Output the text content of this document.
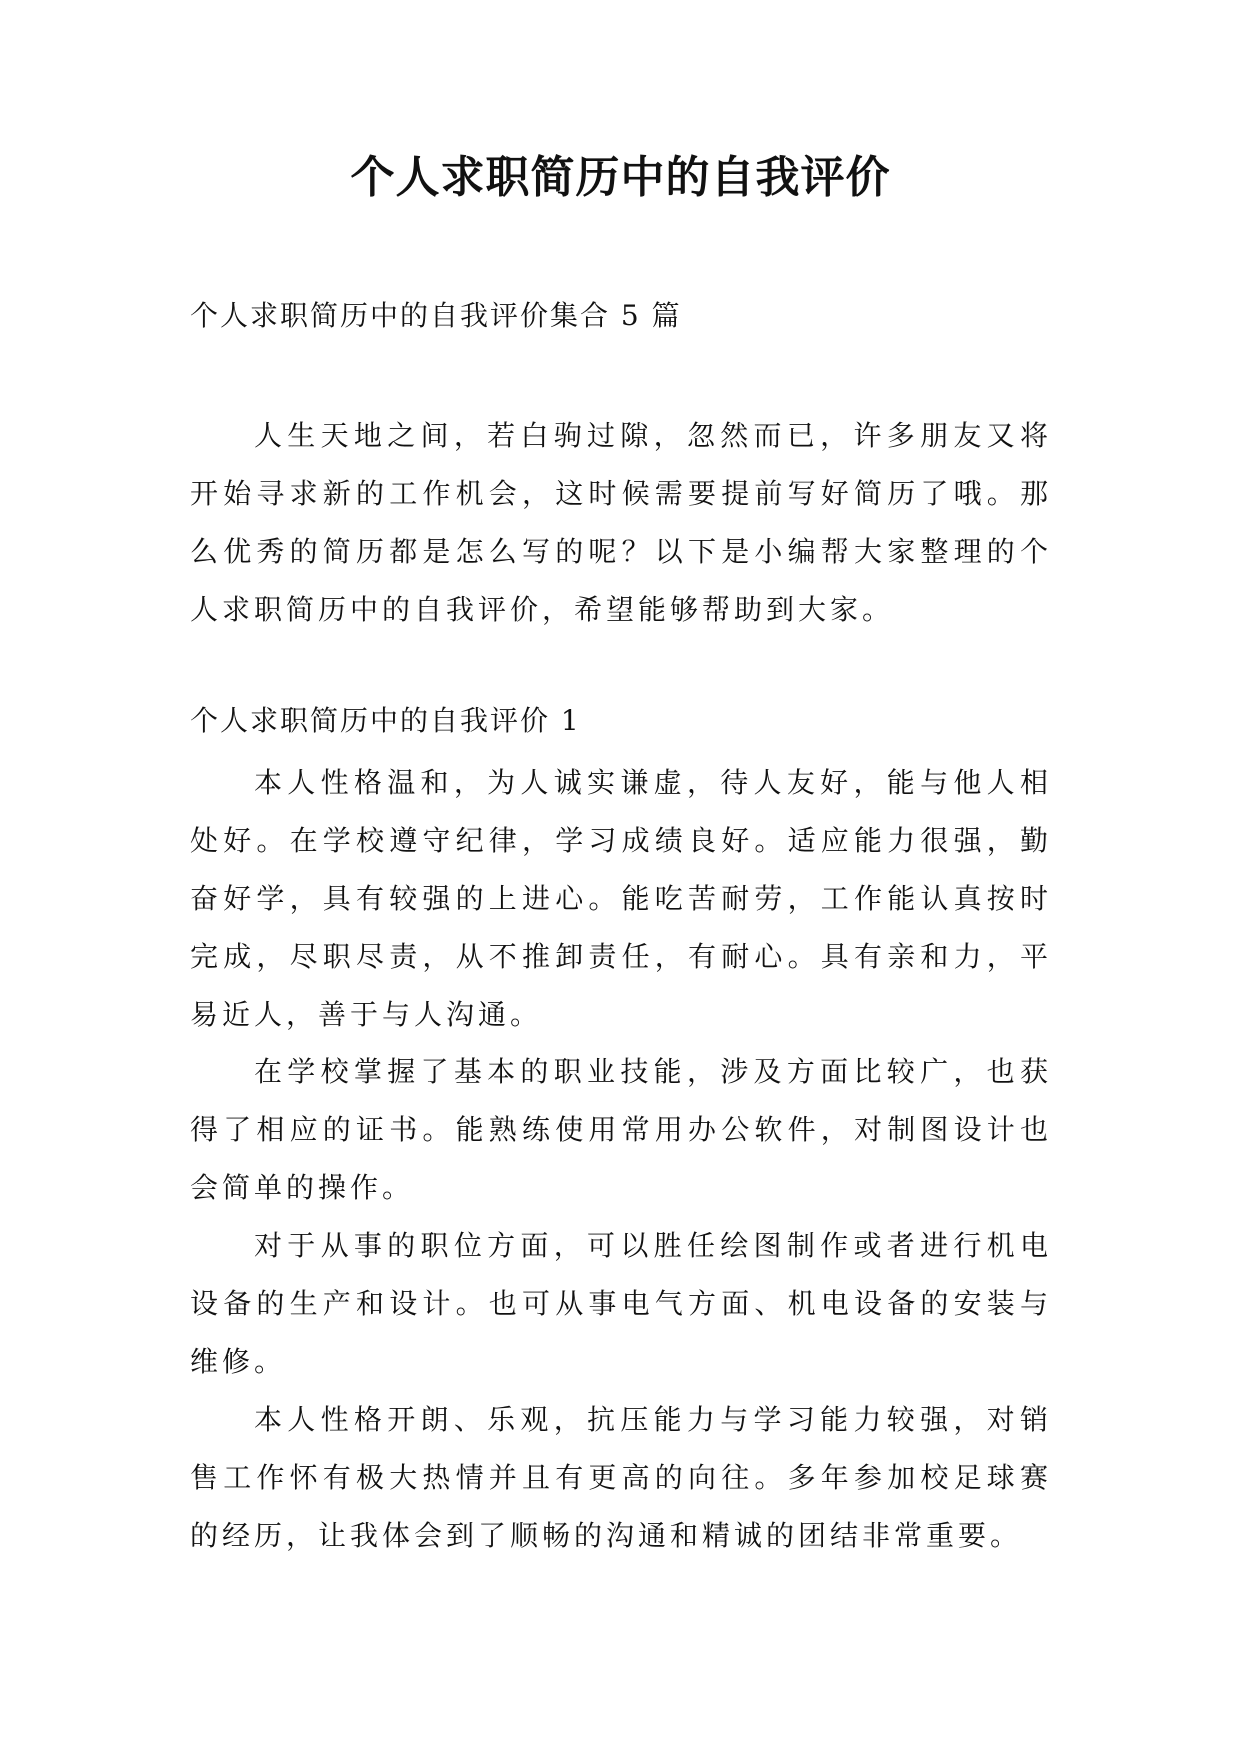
个人求职简历中的自我评价
个人求职简历中的自我评价集合 5 篇
人生天地之间，若白驹过隙，忽然而已，许多朋友又将开始寻求新的工作机会，这时候需要提前写好简历了哦。那么优秀的简历都是怎么写的呢？以下是小编帮大家整理的个人求职简历中的自我评价，希望能够帮助到大家。
个人求职简历中的自我评价 1
本人性格温和，为人诚实谦虚，待人友好，能与他人相处好。在学校遵守纪律，学习成绩良好。适应能力很强，勤奋好学，具有较强的上进心。能吃苦耐劳，工作能认真按时完成，尽职尽责，从不推卸责任，有耐心。具有亲和力，平易近人，善于与人沟通。
在学校掌握了基本的职业技能，涉及方面比较广，也获得了相应的证书。能熟练使用常用办公软件，对制图设计也会简单的操作。
对于从事的职位方面，可以胜任绘图制作或者进行机电设备的生产和设计。也可从事电气方面、机电设备的安装与维修。
本人性格开朗、乐观，抗压能力与学习能力较强，对销售工作怀有极大热情并且有更高的向往。多年参加校足球赛的经历，让我体会到了顺畅的沟通和精诚的团结非常重要。
